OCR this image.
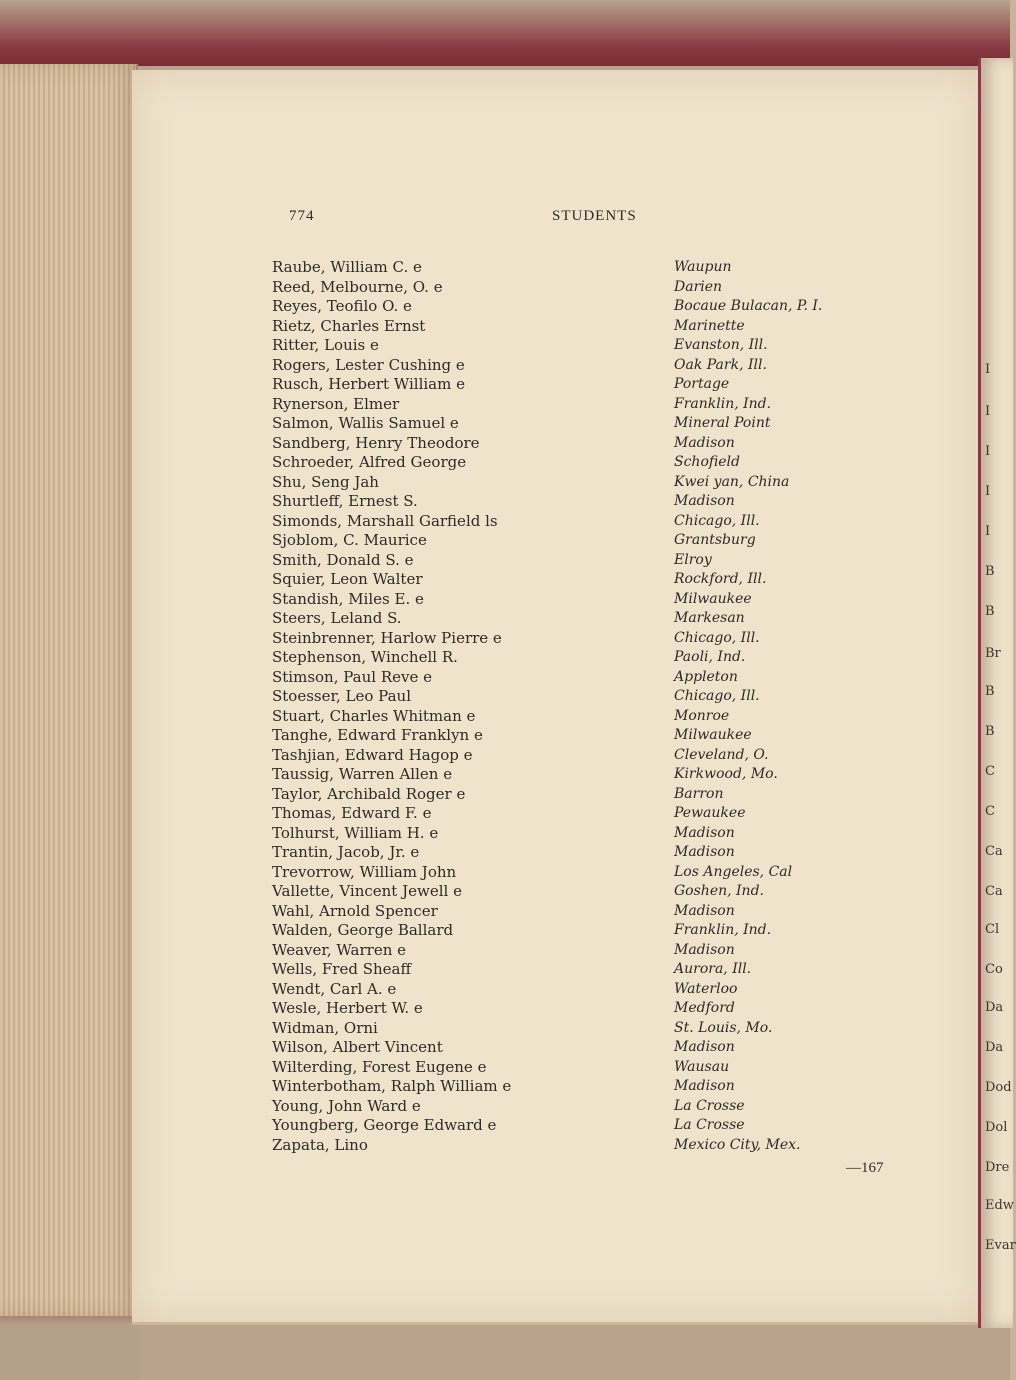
I
I
I
I
I
B
B
Br
B
B
C
C
Ca
Ca
Cl
Co
Da
Da
Dod
Dol
Dre
Edw
Evar
774	STUDENTS
Raube, William C. e
Reed, Melbourne, O. e
Reyes, Teofilo O. e
Rietz, Charles Ernst
Ritter, Louis e
Rogers, Lester Cushing e
Rusch, Herbert William e
Rynerson, Elmer
Salmon, Wallis Samuel e
Sandberg, Henry Theodore
Schroeder, Alfred George
Shu, Seng Jah
Shurtleff, Ernest S.
Simonds, Marshall Garfield ls
Sjoblom, C. Maurice
Smith, Donald S. e
Squier, Leon Walter
Standish, Miles E. e
Steers, Leland S.
Steinbrenner, Harlow Pierre e
Stephenson, Winchell R.
Stimson, Paul Reve e
Stoesser, Leo Paul
Stuart, Charles Whitman e
Tanghe, Edward Franklyn e
Tashjian, Edward Hagop e
Taussig, Warren Allen e
Taylor, Archibald Roger e
Thomas, Edward F. e
Tolhurst, William H. e
Trantin, Jacob, Jr. e
Trevorrow, William John
Vallette, Vincent Jewell e
Wahl, Arnold Spencer
Walden, George Ballard
Weaver, Warren e
Wells, Fred Sheaff
Wendt, Carl A. e
Wesle, Herbert W. e
Widman, Orni
Wilson, Albert Vincent
Wilterding, Forest Eugene e
Winterbotham, Ralph William e
Young, John Ward e
Youngberg, George Edward e
Zapata, Lino
Waupun
Darien
Bocaue Bulacan, P. I.
Marinette
Evanston, Ill.
Oak Park, Ill.
Portage
Franklin, Ind.
Mineral Point
Madison
Schofield
Kwei yan, China
Madison
Chicago, Ill.
Grantsburg
Elroy
Rockford, Ill.
Milwaukee
Markesan
Chicago, Ill.
Paoli, Ind.
Appleton
Chicago, Ill.
Monroe
Milwaukee
Cleveland, O.
Kirkwood, Mo.
Barron
Pewaukee
Madison
Madison
Los Angeles, Cal
Goshen, Ind.
Madison
Franklin, Ind.
Madison
Aurora, Ill.
Waterloo
Medford
St. Louis, Mo.
Madison
Wausau
Madison
La Crosse
La Crosse
Mexico City, Mex.
—167
